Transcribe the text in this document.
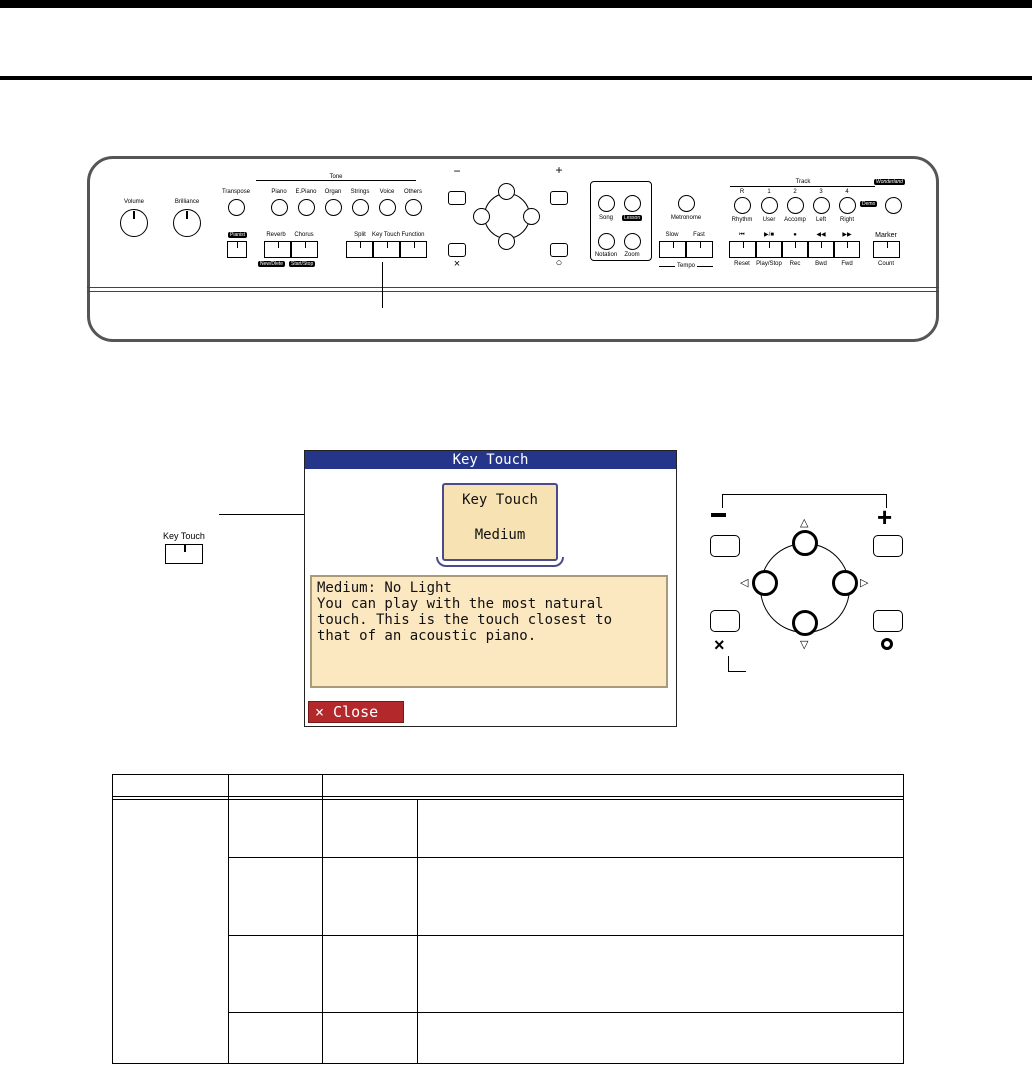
Volume	Brilliance
Transpose
Tone
Piano E.Piano Organ Strings Voice Others
Pianist	Reverb Chorus
New/Dlete	Start/Stop
Split Key Touch Function
−	+
×	○
Song	Lesson
Notation Zoom
Metronome
Slow Fast
Tempo
Track
R	1	2	3	4
Rhythm User Accomp Left Right
Demo
Wonderland
⏮	▶/■	●	◀◀	▶▶
Reset Play/Stop Rec Bwd Fwd
Marker
Count
Key Touch
Key Touch
Key Touch
Medium
Medium: No Light
You can play with the most natural
touch. This is the touch closest to
that of an acoustic piano.
× Close
+
△
▽
◁	▷
×
